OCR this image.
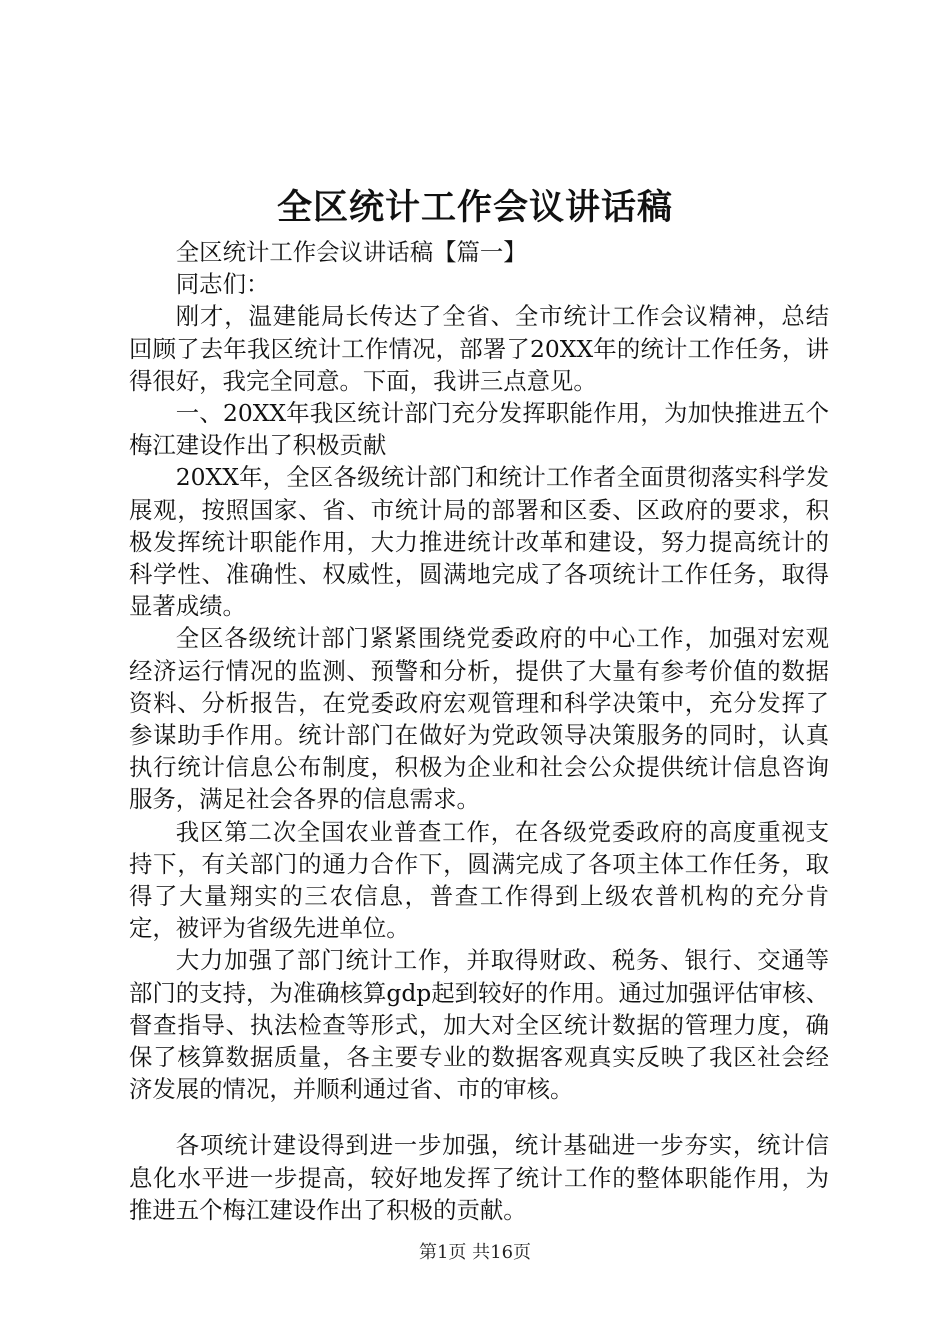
全区统计工作会议讲话稿

全区统计工作会议讲话稿【篇一】

同志们：

刚才，温建能局长传达了全省、全市统计工作会议精神，总结回顾了去年我区统计工作情况，部署了20XX年的统计工作任务，讲得很好，我完全同意。下面，我讲三点意见。

一、20XX年我区统计部门充分发挥职能作用，为加快推进五个梅江建设作出了积极贡献

20XX年，全区各级统计部门和统计工作者全面贯彻落实科学发展观，按照国家、省、市统计局的部署和区委、区政府的要求，积极发挥统计职能作用，大力推进统计改革和建设，努力提高统计的科学性、准确性、权威性，圆满地完成了各项统计工作任务，取得显著成绩。

全区各级统计部门紧紧围绕党委政府的中心工作，加强对宏观经济运行情况的监测、预警和分析，提供了大量有参考价值的数据资料、分析报告，在党委政府宏观管理和科学决策中，充分发挥了参谋助手作用。统计部门在做好为党政领导决策服务的同时，认真执行统计信息公布制度，积极为企业和社会公众提供统计信息咨询服务，满足社会各界的信息需求。

我区第二次全国农业普查工作，在各级党委政府的高度重视支持下，有关部门的通力合作下，圆满完成了各项主体工作任务，取得了大量翔实的三农信息，普查工作得到上级农普机构的充分肯定，被评为省级先进单位。

大力加强了部门统计工作，并取得财政、税务、银行、交通等部门的支持，为准确核算gdp起到较好的作用。通过加强评估审核、督查指导、执法检查等形式，加大对全区统计数据的管理力度，确保了核算数据质量，各主要专业的数据客观真实反映了我区社会经济发展的情况，并顺利通过省、市的审核。

各项统计建设得到进一步加强，统计基础进一步夯实，统计信息化水平进一步提高，较好地发挥了统计工作的整体职能作用，为推进五个梅江建设作出了积极的贡献。

第1页 共16页
